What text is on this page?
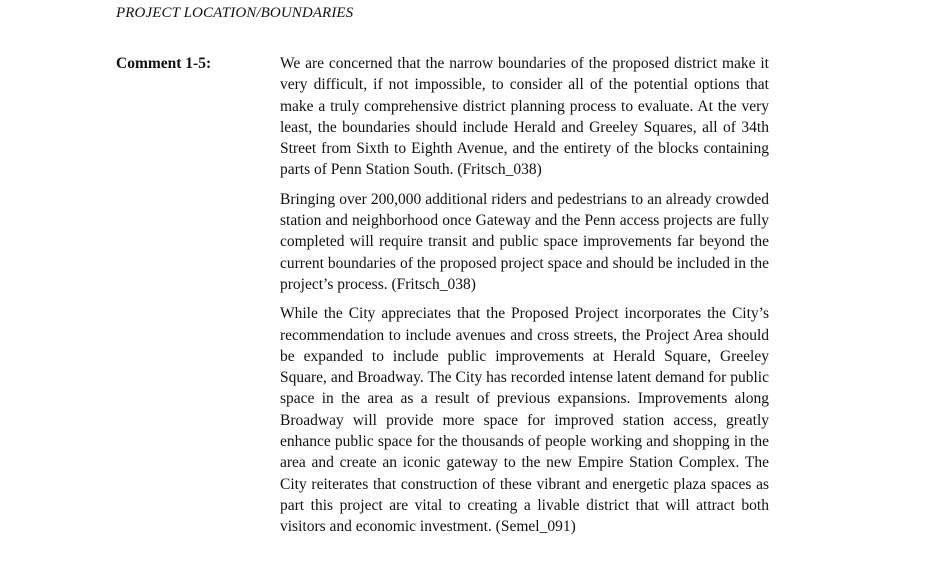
PROJECT LOCATION/BOUNDARIES
Comment 1-5:	We are concerned that the narrow boundaries of the proposed district make it very difficult, if not impossible, to consider all of the potential options that make a truly comprehensive district planning process to evaluate. At the very least, the boundaries should include Herald and Greeley Squares, all of 34th Street from Sixth to Eighth Avenue, and the entirety of the blocks containing parts of Penn Station South. (Fritsch_038)

Bringing over 200,000 additional riders and pedestrians to an already crowded station and neighborhood once Gateway and the Penn access projects are fully completed will require transit and public space improvements far beyond the current boundaries of the proposed project space and should be included in the project’s process. (Fritsch_038)

While the City appreciates that the Proposed Project incorporates the City’s recommendation to include avenues and cross streets, the Project Area should be expanded to include public improvements at Herald Square, Greeley Square, and Broadway. The City has recorded intense latent demand for public space in the area as a result of previous expansions. Improvements along Broadway will provide more space for improved station access, greatly enhance public space for the thousands of people working and shopping in the area and create an iconic gateway to the new Empire Station Complex. The City reiterates that construction of these vibrant and energetic plaza spaces as part this project are vital to creating a livable district that will attract both visitors and economic investment. (Semel_091)
